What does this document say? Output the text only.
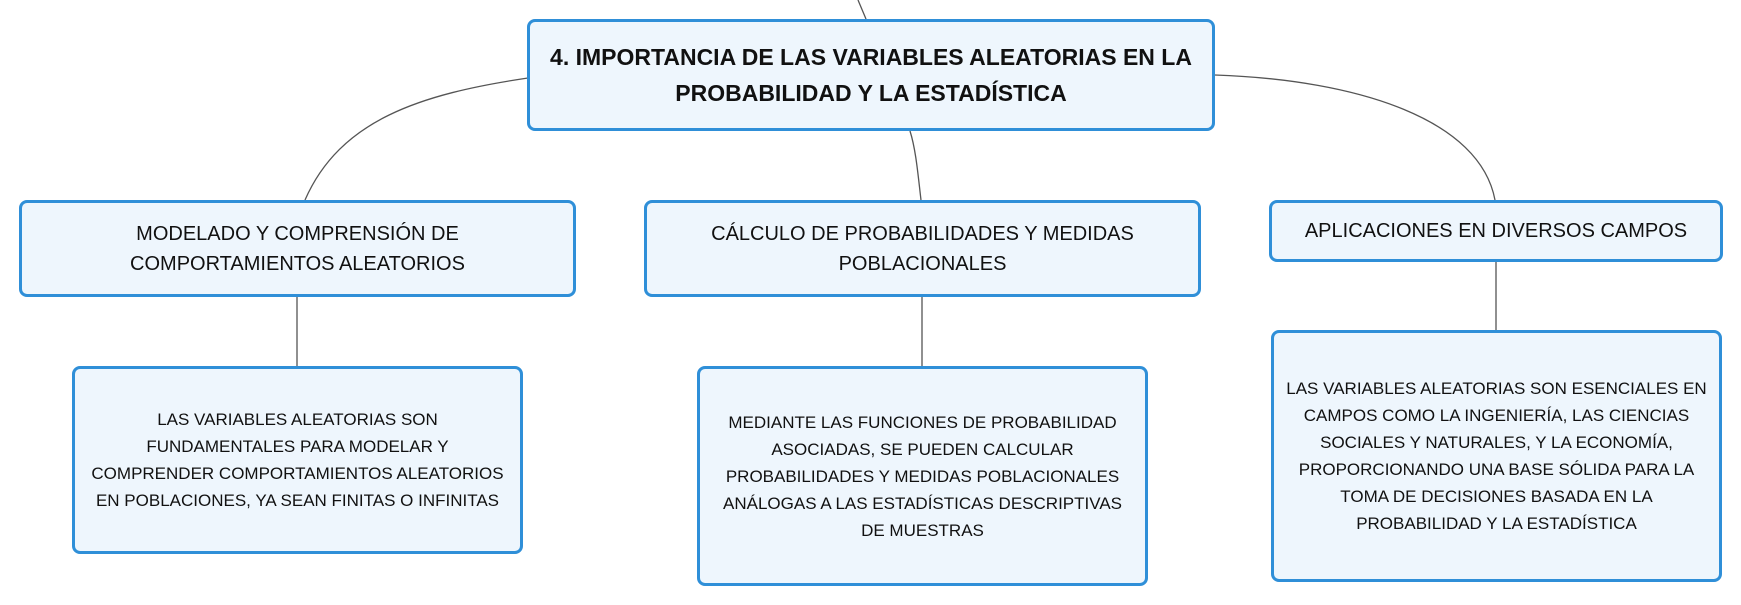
4. IMPORTANCIA DE LAS VARIABLES ALEATORIAS EN LA PROBABILIDAD Y LA ESTADÍSTICA
MODELADO Y COMPRENSIÓN DE COMPORTAMIENTOS ALEATORIOS
CÁLCULO DE PROBABILIDADES Y MEDIDAS POBLACIONALES
APLICACIONES EN DIVERSOS CAMPOS
LAS VARIABLES ALEATORIAS SON FUNDAMENTALES PARA MODELAR Y COMPRENDER COMPORTAMIENTOS ALEATORIOS EN POBLACIONES, YA SEAN FINITAS O INFINITAS
MEDIANTE LAS FUNCIONES DE PROBABILIDAD ASOCIADAS, SE PUEDEN CALCULAR PROBABILIDADES Y MEDIDAS POBLACIONALES ANÁLOGAS A LAS ESTADÍSTICAS DESCRIPTIVAS DE MUESTRAS
LAS VARIABLES ALEATORIAS SON ESENCIALES EN CAMPOS COMO LA INGENIERÍA, LAS CIENCIAS SOCIALES Y NATURALES, Y LA ECONOMÍA, PROPORCIONANDO UNA BASE SÓLIDA PARA LA TOMA DE DECISIONES BASADA EN LA PROBABILIDAD Y LA ESTADÍSTICA
